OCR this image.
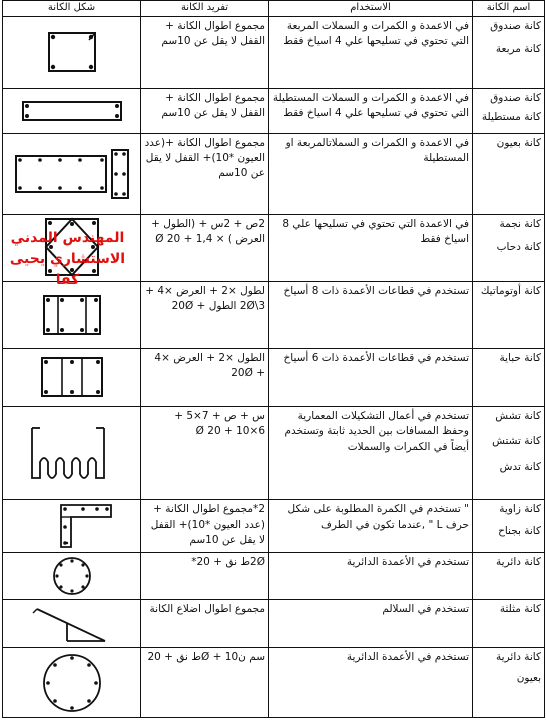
شكل الكانة	تفريد الكانة	الاستخدام	اسم الكانة

	مجموع اطوال الكانة + القفل لا يقل عن 10سم	في الاعمدة و الكمرات و السملات المربعة التي تحتوي في تسليحها علي 4 اسياخ فقط	كانة صندوق
كانة مربعة

	مجموع اطوال الكانة + القفل لا يقل عن 10سم	في الاعمدة و الكمرات و السملات المستطيلة التي تحتوي في تسليحها علي 4 اسياخ فقط	كانة صندوق
كانة مستطيلة

	مجموع اطوال الكانة +(عدد العيون *10)+ القفل لا يقل عن 10سم	في الاعمدة و الكمرات و السملاتالمربعة او المستطيلة	كانة بعيون

	2ص + 2س + (الطول + العرض ) × 1,4 + 20 Ø	في الاعمدة التي تحتوي في تسليحها علي 8 اسياخ فقط	كانة نجمة
كانة دحاب

	لطول ×2 + العرض ×4 + 3\2Ø الطول + 20Ø	تستخدم في قطاعات الأعمدة ذات 8 أسياخ	كانة أوتوماتيك

	الطول ×2 + العرض ×4 + 20Ø	تستخدم في قطاعات الأعمدة ذات 6 أسياخ	كانة حباية

	س + ص + 7×5 + 6×10 + 20 Ø	تستخدم في أعمال التشكيلات المعمارية وحفظ المسافات بين الحديد ثابتة وتستخدم أيضاً في الكمرات والسملات	كانة تشش
كانة تشتش
كانة تدش

	2*مجموع اطوال الكانة +(عدد العيون *10)+ القفل لا يقل عن 10سم	" تستخدم في الكمرة المطلوبة على شكل حرف L " ,عندما تكون في الطرف	كانة زاوية
كانة بجناح

	2Øط نق + 20*	تستخدم في الأعمدة الدائرية	كانة دائرية

	مجموع اطوال اضلاع الكانة	تستخدم في السلالم	كانة مثلثة

	سم ن10 + Øط نق + 20	تستخدم في الأعمدة الدائرية	كانة دائرية
بعيون
المهندس المدني
الاستشاري يحيى كفا
